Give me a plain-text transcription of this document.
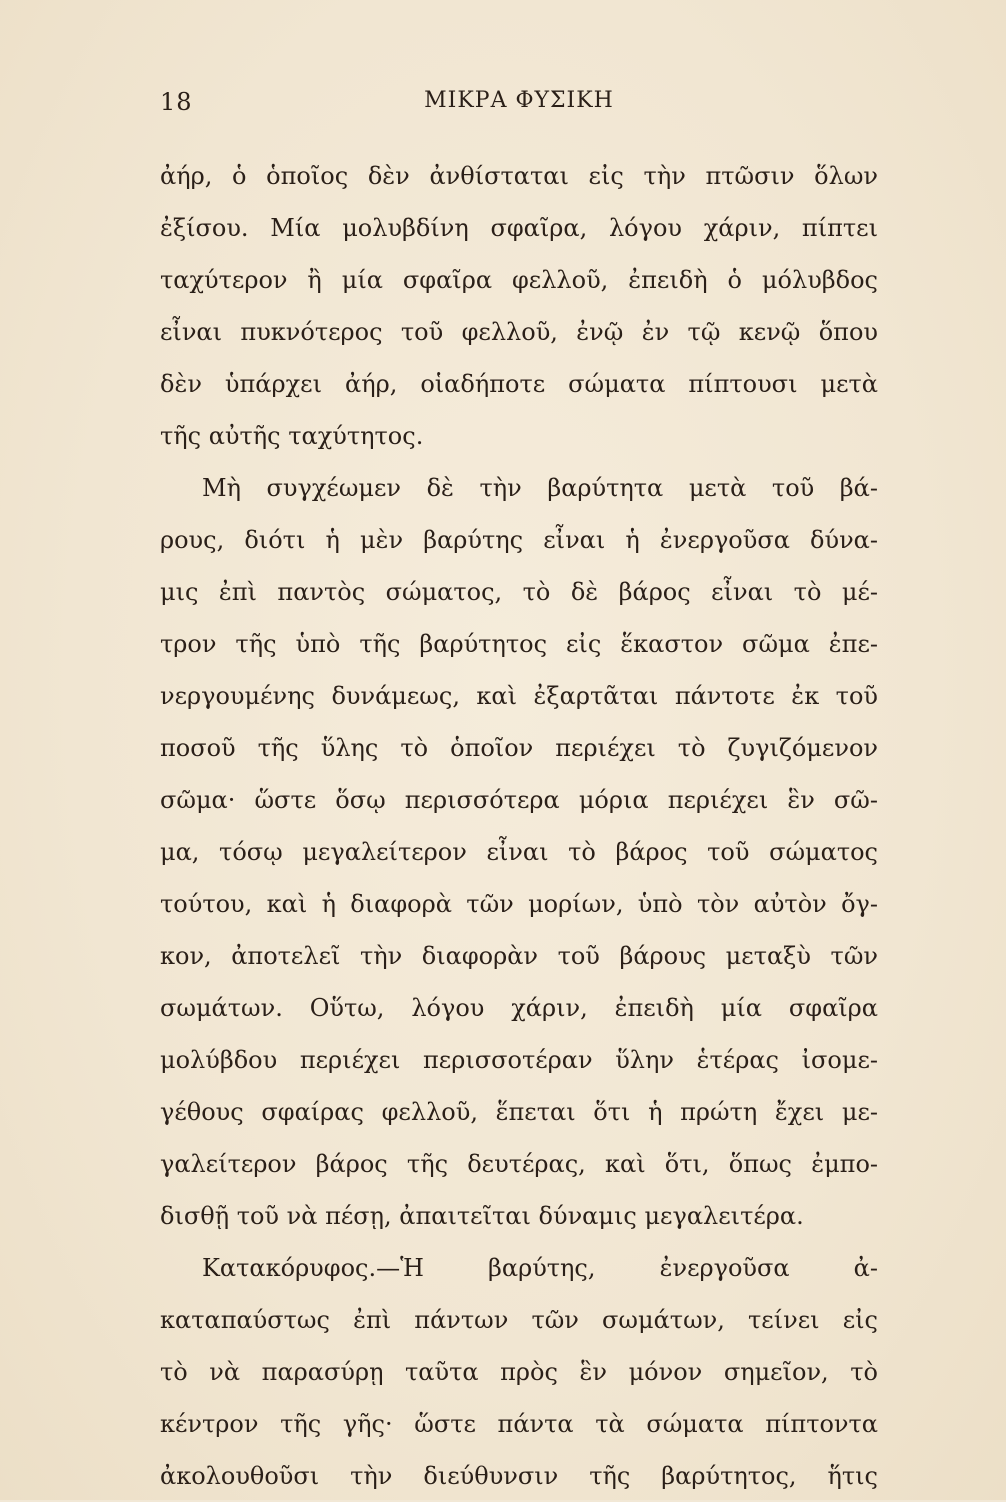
18	ΜΙΚΡΑ ΦΥΣΙΚΗ
ἀήρ, ὁ ὁποῖος δὲν ἀνθίσταται εἰς τὴν πτῶσιν ὅλων
ἐξίσου. Μία μολυβδίνη σφαῖρα, λόγου χάριν, πίπτει
ταχύτερον ἢ μία σφαῖρα φελλοῦ, ἐπειδὴ ὁ μόλυβδος
εἶναι πυκνότερος τοῦ φελλοῦ, ἐνῷ ἐν τῷ κενῷ ὅπου
δὲν ὑπάρχει ἀήρ, οἱαδήποτε σώματα πίπτουσι μετὰ
τῆς αὐτῆς ταχύτητος.
Μὴ συγχέωμεν δὲ τὴν βαρύτητα μετὰ τοῦ βά-
ρους, διότι ἡ μὲν βαρύτης εἶναι ἡ ἐνεργοῦσα δύνα-
μις ἐπὶ παντὸς σώματος, τὸ δὲ βάρος εἶναι τὸ μέ-
τρον τῆς ὑπὸ τῆς βαρύτητος εἰς ἕκαστον σῶμα ἐπε-
νεργουμένης δυνάμεως, καὶ ἐξαρτᾶται πάντοτε ἐκ τοῦ
ποσοῦ τῆς ὕλης τὸ ὁποῖον περιέχει τὸ ζυγιζόμενον
σῶμα· ὥστε ὅσῳ περισσότερα μόρια περιέχει ἓν σῶ-
μα, τόσῳ μεγαλείτερον εἶναι τὸ βάρος τοῦ σώματος
τούτου, καὶ ἡ διαφορὰ τῶν μορίων, ὑπὸ τὸν αὐτὸν ὄγ-
κον, ἀποτελεῖ τὴν διαφορὰν τοῦ βάρους μεταξὺ τῶν
σωμάτων. Οὕτω, λόγου χάριν, ἐπειδὴ μία σφαῖρα
μολύβδου περιέχει περισσοτέραν ὕλην ἑτέρας ἰσομε-
γέθους σφαίρας φελλοῦ, ἕπεται ὅτι ἡ πρώτη ἔχει με-
γαλείτερον βάρος τῆς δευτέρας, καὶ ὅτι, ὅπως ἐμπο-
δισθῇ τοῦ νὰ πέσῃ, ἀπαιτεῖται δύναμις μεγαλειτέρα.
Κατακόρυφος.—Ἡ βαρύτης, ἐνεργοῦσα ἀ-
καταπαύστως ἐπὶ πάντων τῶν σωμάτων, τείνει εἰς
τὸ νὰ παρασύρῃ ταῦτα πρὸς ἓν μόνον σημεῖον, τὸ
κέντρον τῆς γῆς· ὥστε πάντα τὰ σώματα πίπτοντα
ἀκολουθοῦσι τὴν διεύθυνσιν τῆς βαρύτητος, ἥτις
